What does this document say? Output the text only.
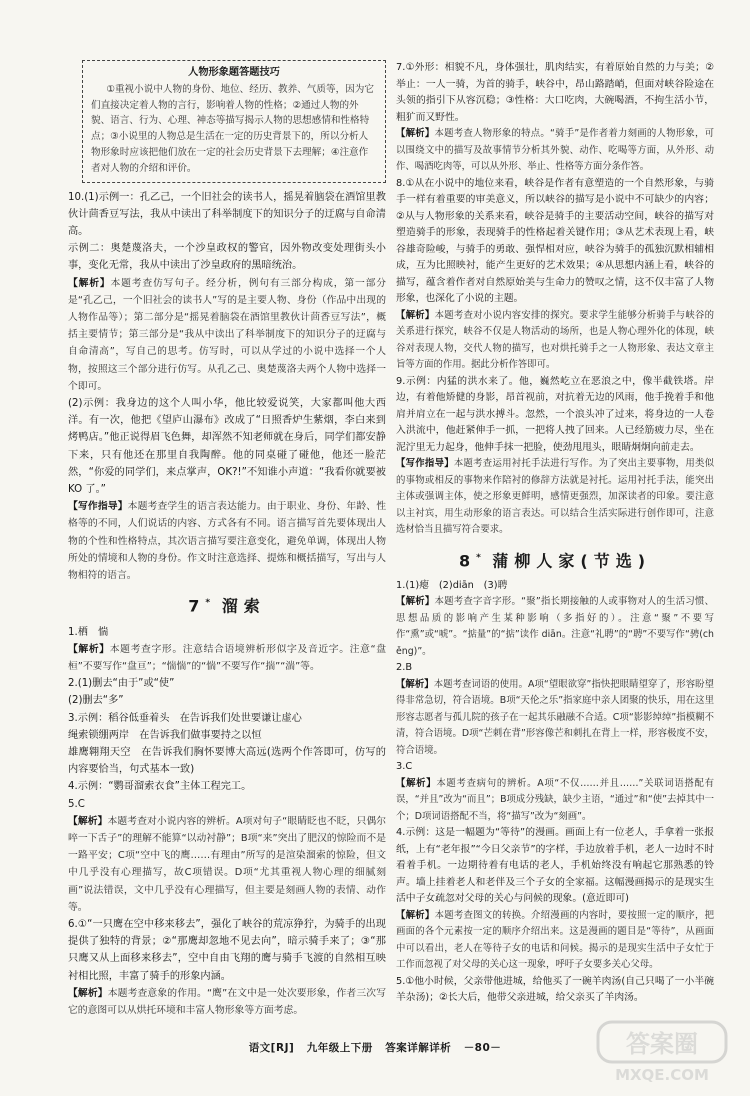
人物形象题答题技巧
①重视小说中人物的身份、地位、经历、教养、气质等，因为它们直接决定着人物的言行，影响着人物的性格；②通过人物的外貌、语言、行为、心理、神态等描写揭示人物的思想感情和性格特点；③小说里的人物总是生活在一定的历史背景下的，所以分析人物形象时应该把他们放在一定的社会历史背景下去理解；④注意作者对人物的介绍和评价。

10.(1)示例一：孔乙己，一个旧社会的读书人，摇晃着脑袋在酒馆里教伙计茴香豆写法，我从中读出了科举制度下的知识分子的迂腐与自命清高。

示例二：奥楚蔑洛夫，一个沙皇政权的警官，因外物改变处理街头小事，变化无常，我从中读出了沙皇政府的黑暗统治。

【解析】本题考查仿写句子。经分析，例句有三部分构成，第一部分是“孔乙己，一个旧社会的读书人”写的是主要人物、身份（作品中出现的人物作品等）；第二部分是“摇晃着脑袋在酒馆里教伙计茴香豆写法”，概括主要情节；第三部分是“我从中读出了科举制度下的知识分子的迂腐与自命清高”，写自己的思考。仿写时，可以从学过的小说中选择一个人物，按照这三个部分进行仿写。从孔乙己、奥楚蔑洛夫两个人物中选择一个即可。

(2)示例：我身边的这个人叫小华，他比较爱说笑，大家都叫他大西洋。有一次，他把《望庐山瀑布》改成了“日照香炉生紫烟，李白来到烤鸭店。”他正说得眉飞色舞，却浑然不知老师就在身后，同学们都安静下来，只有他还在那里自我陶醉。他的同桌碰了碰他，他还一脸茫然，“你爱的同学们，来点掌声，OK?!”不知谁小声道：“我看你就要被 KO 了。”

【写作指导】本题考查学生的语言表达能力。由于职业、身份、年龄、性格等的不同，人们说话的内容、方式各有不同。语言描写首先要体现出人物的个性和性格特点，其次语言描写要注意变化，避免单调，体现出人物所处的情境和人物的身份。作文时注意选择、提炼和概括描写，写出与人物相符的语言。

7* 溜索

1.栖　惴

【解析】本题考查字形。注意结合语境辨析形似字及音近字。注意“盘桓”不要写作“盘亘”；“惴惴”的“惴”不要写作“揣”“湍”等。

2.(1)删去“由于”或“使”

(2)删去“多”

3.示例：稻谷低垂着头　在告诉我们处世要谦让虚心

绳索锁绷两岸　在告诉我们做事要持之以恒

雄鹰翱翔天空　在告诉我们胸怀要博大高远(选两个作答即可，仿写的内容要恰当，句式基本一致)

4.示例：“鹦哥溜索衣食”主体工程完工。

5.C

【解析】本题考查对小说内容的辨析。A项对句子“眼睛眨也不眨，只偶尔啐一下舌子”的理解不能算“以动衬静”；B项“来”突出了肥汉的惊险而不是一路平安；C项“空中飞的鹰……有理由”所写的是渲染溜索的惊险，但文中几乎没有心理描写，故C项错误。D项“尤其重视人物心理的细腻刻画”说法错误，文中几乎没有心理描写，但主要是刻画人物的表情、动作等。

6.①“一只鹰在空中移来移去”，强化了峡谷的荒凉狰狞，为骑手的出现提供了独特的背景；②“那鹰却忽地不见去向”，暗示骑手来了；③“那只鹰又从上面移来移去”，空中自由飞翔的鹰与骑手飞渡的自然相互映衬相比照，丰富了骑手的形象内涵。

【解析】本题考查意象的作用。“鹰”在文中是一处次要形象，作者三次写它的意图可以从烘托环境和丰富人物形象等方面考虑。

7.①外形：相貌不凡，身体强壮，肌肉结实，有着原始自然的力与美；②举止：一人一骑，为首的骑手，峡谷中，昂山路踏峭，但面对峡谷险途在头领的指引下从容沉稳；③性格：大口吃肉，大碗喝酒，不拘生活小节，粗犷而又野性。

【解析】本题考查人物形象的特点。“骑手”是作者着力刻画的人物形象，可以围绕文中的描写及故事情节分析其外貌、动作、吃喝等方面，从外形、动作、喝酒吃肉等，可以从外形、举止、性格等方面分条作答。

8.①从在小说中的地位来看，峡谷是作者有意塑造的一个自然形象，与骑手一样有着重要的审美意义，所以峡谷的描写是小说中不可缺少的内容；②从与人物形象的关系来看，峡谷是骑手的主要活动空间，峡谷的描写对塑造骑手的形象，表现骑手的性格起着关键作用；③从艺术表现上看，峡谷雄奇险峻，与骑手的勇敢、强悍相对应，峡谷为骑手的孤独沉默相辅相成，互为比照映衬，能产生更好的艺术效果；④从思想内涵上看，峡谷的描写，蕴含着作者对自然原始美与生命力的赞叹之情，这不仅丰富了人物形象，也深化了小说的主题。

【解析】本题考查对小说内容安排的探究。要求学生能够分析骑手与峡谷的关系进行探究，峡谷不仅是人物活动的场所，也是人物心理外化的体现，峡谷对表现人物，交代人物的描写，也对烘托骑手之一人物形象、表达文章主旨等方面的作用。据此分析作答即可。

9.示例：内猛的洪水来了。他，巍然屹立在恶浪之中，像半截铁塔。岸边，有着他矫健的身影，昂首视前，对抗着无边的风雨，他手挽着手和他肩并肩立在一起与洪水搏斗。忽然，一个浪头冲了过来，将身边的一人卷入洪流中，他赶紧伸手一抓，一把将人拽了回来。人已经筋疲力尽，坐在泥泞里无力起身，他伸手抹一把脸，使劲甩甩头，眼睛炯炯向前走去。

【写作指导】本题考查运用衬托手法进行写作。为了突出主要事物，用类似的事物或相反的事物来作陪衬的修辞方法就是衬托。运用衬托手法，能突出主体或强调主体，使之形象更鲜明，感情更强烈，加深读者的印象。要注意以主衬宾，用生动形象的语言表达。可以结合生活实际进行创作即可，注意选材恰当且描写符合要求。

8* 蒲柳人家(节选)

1.(1)瘪　(2)diān　(3)聘

【解析】本题考查字音字形。“聚”指长期接触的人或事物对人的生活习惯、思想品质的影响产生某种影响（多指好的）。注意“聚”不要写作“熏”或“唬”。“掂量”的“掂”读作 diān。注意“礼聘”的“聘”不要写作“骋(chěng)”。

2.B

【解析】本题考查词语的使用。A项“望眼欲穿”指快把眼睛望穿了，形容盼望得非常急切，符合语境。B项“天伦之乐”指家庭中亲人团聚的快乐，用在这里形容志愿者与孤儿院的孩子在一起其乐融融不合适。C项“影影绰绰”指模糊不清，符合语境。D项“芒刺在背”形容像芒和刺扎在背上一样，形容极度不安，符合语境。

3.C

【解析】本题考查病句的辨析。A项“不仅……并且……”关联词语搭配有误，“并且”改为“而且”；B项成分残缺，缺少主语，“通过”和“使”去掉其中一个；D项词语搭配不当，将“描写”改为“刻画”。

4.示例：这是一幅题为“等待”的漫画。画面上有一位老人，手拿着一张报纸，上有“老年报”“今日父亲节”的字样，手边放着手机，老人一边时不时看着手机。一边期待着有电话的老人，手机始终没有响起它那熟悉的铃声。墙上挂着老人和老伴及三个子女的全家福。这幅漫画揭示的是现实生活中子女疏忽对父母的关心与问候的现象。(意近即可)

【解析】本题考查图文的转换。介绍漫画的内容时，要按照一定的顺序，把画面的各个元素按一定的顺序介绍出来。这是漫画的题目是“等待”，从画面中可以看出，老人在等待子女的电话和问候。揭示的是现实生活中子女忙于工作而忽视了对父母的关心这一现象，呼吁子女要多关心父母。

5.①他小时候，父亲带他进城，给他买了一碗羊肉汤(自己只喝了一小半碗羊杂汤)；②长大后，他带父亲进城，给父亲买了羊肉汤。

语文[RJ] 九年级上下册 答案详解详析 －80－	答案圈
MXQE.COM
